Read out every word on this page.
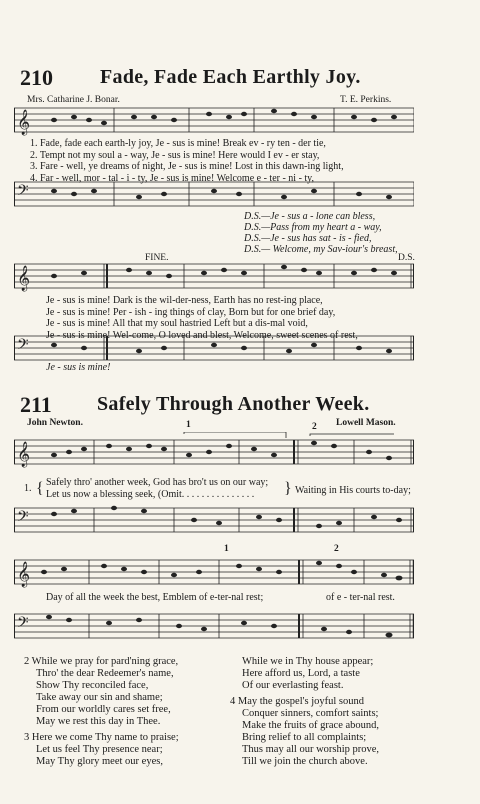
210 Fade, Fade Each Earthly Joy.
Mrs. Catharine J. Bonar.	T. E. Perkins.
𝄞
1. Fade, fade each earth-ly joy, Je - sus is mine! Break ev - ry ten - der tie,
2. Tempt not my soul a - way, Je - sus is mine! Here would I ev - er stay,
3. Fare - well, ye dreams of night, Je - sus is mine! Lost in this dawn-ing light,
4. Far - well, mor - tal - i - ty, Je - sus is mine! Welcome e - ter - ni - ty,
𝄢
D.S.—Je - sus a - lone can bless,
D.S.—Pass from my heart a - way,
D.S.—Je - sus has sat - is - fied,
D.S.— Welcome, my Sav-iour's breast,
FINE.	D.S.
𝄞
Je - sus is mine! Dark is the wil-der-ness, Earth has no rest-ing place,
Je - sus is mine! Per - ish - ing things of clay, Born but for one brief day,
Je - sus is mine! All that my soul hastried Left but a dis-mal void,
Je - sus is mine! Wel-come, O loved and blest, Welcome, sweet scenes of rest,
𝄢
Je - sus is mine!
211 Safely Through Another Week.
John Newton.	Lowell Mason.
1	2
𝄞
1. { Safely thro' another week, God has bro't us on our way;
Let us now a blessing seek, (Omit. . . . . . . . . . . . . . . } Waiting in His courts to-day;
𝄢
1	2
𝄞
Day of all the week the best, Emblem of e-ter-nal rest;	of e - ter-nal rest.
𝄢
2 While we pray for pard'ning grace,
Thro' the dear Redeemer's name,
Show Thy reconciled face,
Take away our sin and shame;
From our worldly cares set free,
May we rest this day in Thee.
3 Here we come Thy name to praise;
Let us feel Thy presence near;
May Thy glory meet our eyes,
While we in Thy house appear;
Here afford us, Lord, a taste
Of our everlasting feast.
4 May the gospel's joyful sound
Conquer sinners, comfort saints;
Make the fruits of grace abound,
Bring relief to all complaints;
Thus may all our worship prove,
Till we join the church above.
